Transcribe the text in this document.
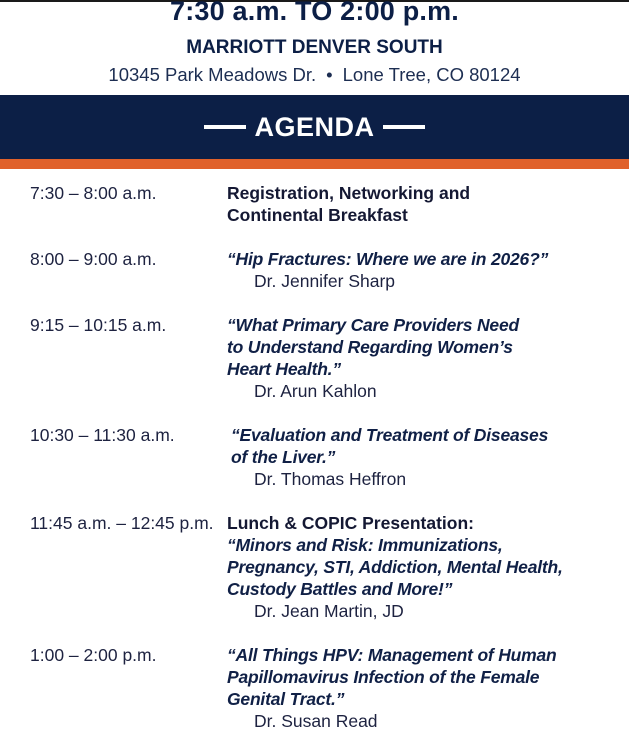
7:30 a.m. TO 2:00 p.m.
MARRIOTT DENVER SOUTH
10345 Park Meadows Dr. • Lone Tree, CO 80124
AGENDA
7:30 – 8:00 a.m.	Registration, Networking and
Continental Breakfast
8:00 – 9:00 a.m.	“Hip Fractures: Where we are in 2026?”
Dr. Jennifer Sharp
9:15 – 10:15 a.m.	“What Primary Care Providers Need
to Understand Regarding Women’s
Heart Health.”
Dr. Arun Kahlon
10:30 – 11:30 a.m.	“Evaluation and Treatment of Diseases
of the Liver.”
Dr. Thomas Heffron
11:45 a.m. – 12:45 p.m. Lunch & COPIC Presentation:
“Minors and Risk: Immunizations,
Pregnancy, STI, Addiction, Mental Health,
Custody Battles and More!”
Dr. Jean Martin, JD
1:00 – 2:00 p.m.	“All Things HPV: Management of Human
Papillomavirus Infection of the Female
Genital Tract.”
Dr. Susan Read
